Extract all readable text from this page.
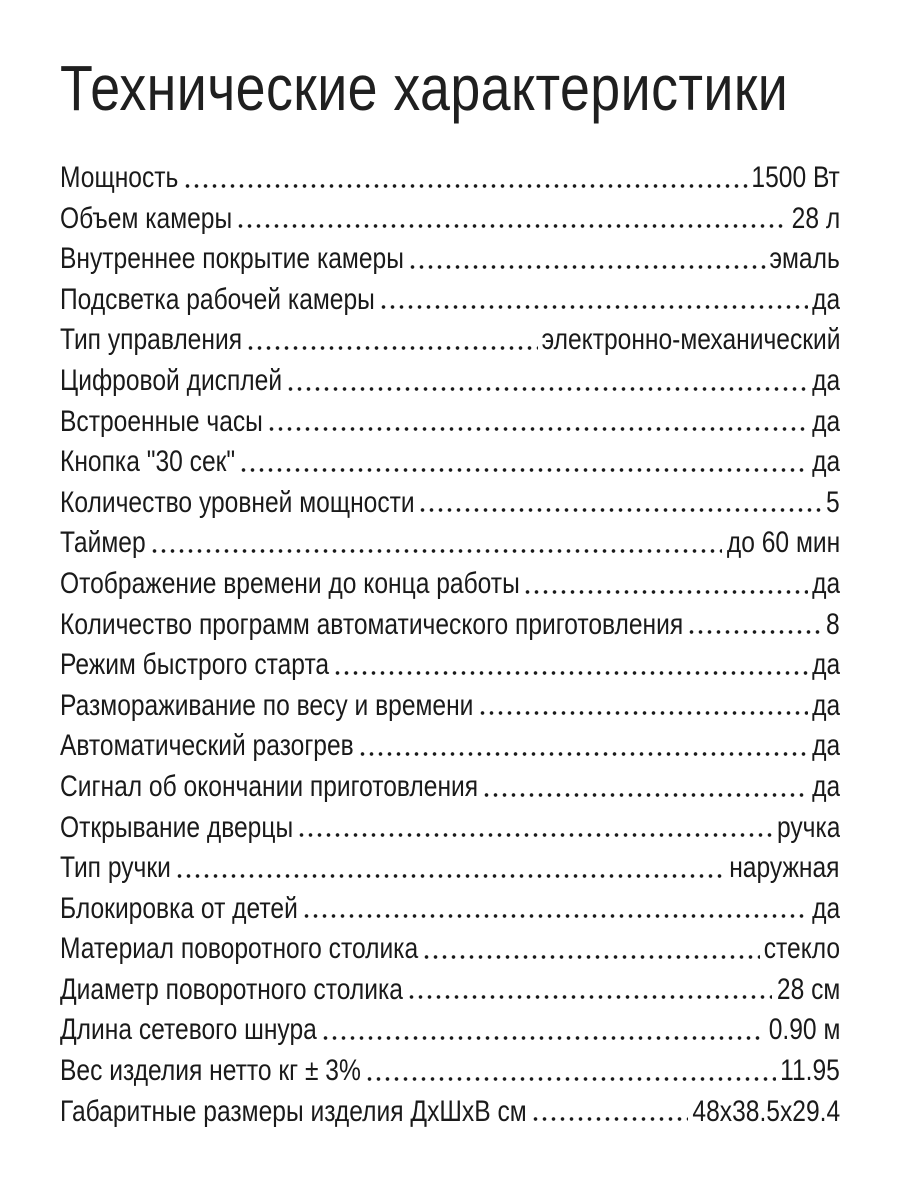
Технические характеристики
Мощность	1500 Вт
Объем камеры	28 л
Внутреннее покрытие камеры	эмаль
Подсветка рабочей камеры	да
Тип управления	электронно-механический
Цифровой дисплей	да
Встроенные часы	да
Кнопка "30 сек"	да
Количество уровней мощности	5
Таймер	до 60 мин
Отображение времени до конца работы	да
Количество программ автоматического приготовления	8
Режим быстрого старта	да
Размораживание по весу и времени	да
Автоматический разогрев	да
Сигнал об окончании приготовления	да
Открывание дверцы	ручка
Тип ручки	наружная
Блокировка от детей	да
Материал поворотного столика	стекло
Диаметр поворотного столика	28 см
Длина сетевого шнура	0.90 м
Вес изделия нетто кг ± 3%	11.95
Габаритные размеры изделия ДхШхВ см	48x38.5x29.4
